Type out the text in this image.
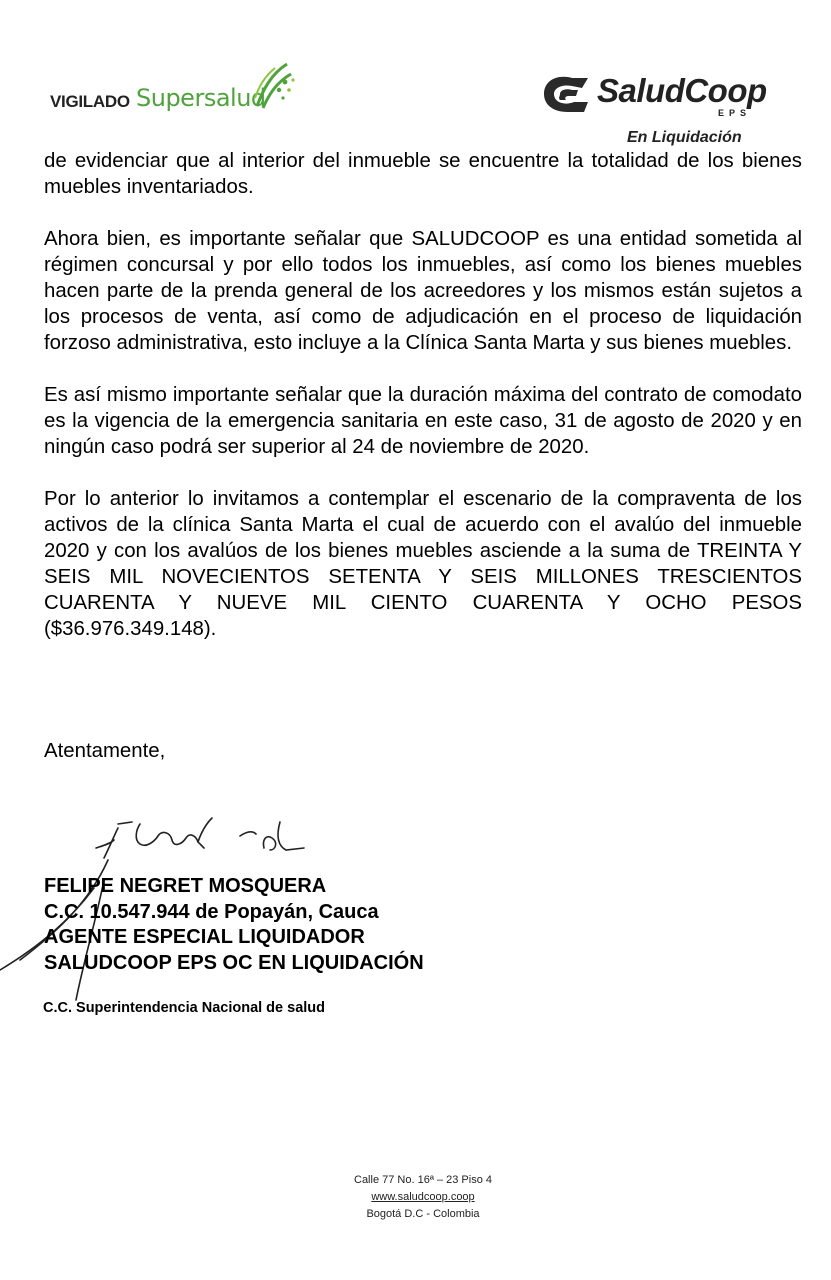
VIGILADO Supersalud	SaludCoop
EPS
En Liquidación

de evidenciar que al interior del inmueble se encuentre la totalidad de los bienes muebles inventariados.

Ahora bien, es importante señalar que SALUDCOOP es una entidad sometida al régimen concursal y por ello todos los inmuebles, así como los bienes muebles hacen parte de la prenda general de los acreedores y los mismos están sujetos a los procesos de venta, así como de adjudicación en el proceso de liquidación forzoso administrativa, esto incluye a la Clínica Santa Marta y sus bienes muebles.

Es así mismo importante señalar que la duración máxima del contrato de comodato es la vigencia de la emergencia sanitaria en este caso, 31 de agosto de 2020 y en ningún caso podrá ser superior al 24 de noviembre de 2020.

Por lo anterior lo invitamos a contemplar el escenario de la compraventa de los activos de la clínica Santa Marta el cual de acuerdo con el avalúo del inmueble 2020 y con los avalúos de los bienes muebles asciende a la suma de TREINTA Y SEIS MIL NOVECIENTOS SETENTA Y SEIS MILLONES TRESCIENTOS CUARENTA Y NUEVE MIL CIENTO CUARENTA Y OCHO PESOS ($36.976.349.148).

Atentamente,
FELIPE NEGRET MOSQUERA
C.C. 10.547.944 de Popayán, Cauca
AGENTE ESPECIAL LIQUIDADOR
SALUDCOOP EPS OC EN LIQUIDACIÓN
C.C. Superintendencia Nacional de salud
Calle 77 No. 16ª – 23 Piso 4
www.saludcoop.coop
Bogotá D.C - Colombia
